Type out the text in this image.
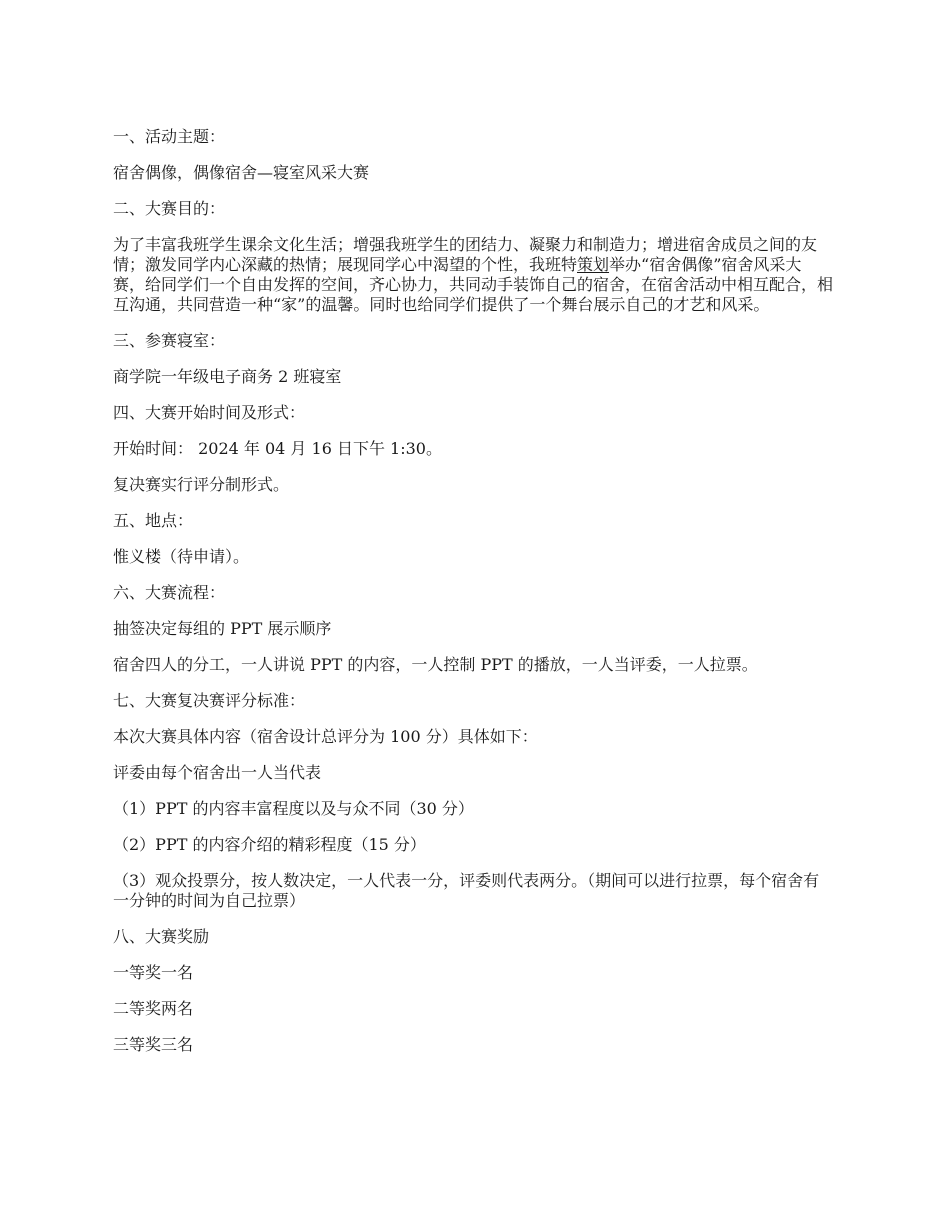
一、活动主题：

宿舍偶像，偶像宿舍—寝室风采大赛

二、大赛目的：

为了丰富我班学生课余文化生活；增强我班学生的团结力、凝聚力和制造力；增进宿舍成员之间的友情；激发同学内心深藏的热情；展现同学心中渴望的个性，我班特策划举办“宿舍偶像”宿舍风采大赛，给同学们一个自由发挥的空间，齐心协力，共同动手装饰自己的宿舍，在宿舍活动中相互配合，相互沟通，共同营造一种“家”的温馨。同时也给同学们提供了一个舞台展示自己的才艺和风采。

三、参赛寝室：

商学院一年级电子商务 2 班寝室

四、大赛开始时间及形式：

开始时间： 2024 年 04 月 16 日下午 1:30。

复决赛实行评分制形式。

五、地点：

惟义楼（待申请）。

六、大赛流程：

抽签决定每组的 PPT 展示顺序

宿舍四人的分工，一人讲说 PPT 的内容，一人控制 PPT 的播放，一人当评委，一人拉票。

七、大赛复决赛评分标准：

本次大赛具体内容（宿舍设计总评分为 100 分）具体如下：

评委由每个宿舍出一人当代表

（1）PPT 的内容丰富程度以及与众不同（30 分）

（2）PPT 的内容介绍的精彩程度（15 分）

（3）观众投票分，按人数决定，一人代表一分，评委则代表两分。（期间可以进行拉票，每个宿舍有一分钟的时间为自己拉票）

八、大赛奖励

一等奖一名

二等奖两名

三等奖三名
